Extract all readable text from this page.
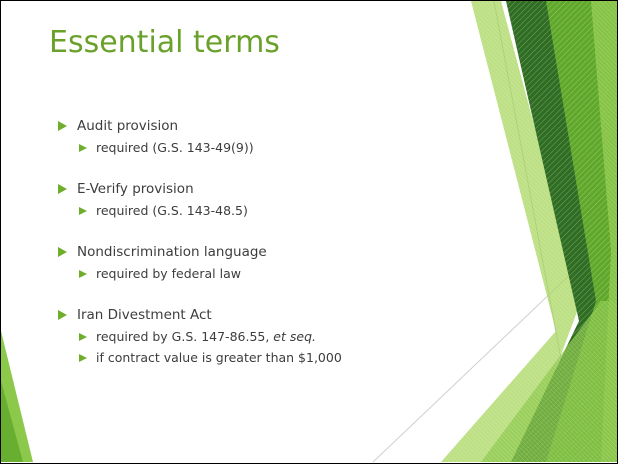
Essential terms
Audit provision
required (G.S. 143-49(9))
E-Verify provision
required (G.S. 143-48.5)
Nondiscrimination language
required by federal law
Iran Divestment Act
required by G.S. 147-86.55, et seq.
if contract value is greater than $1,000
